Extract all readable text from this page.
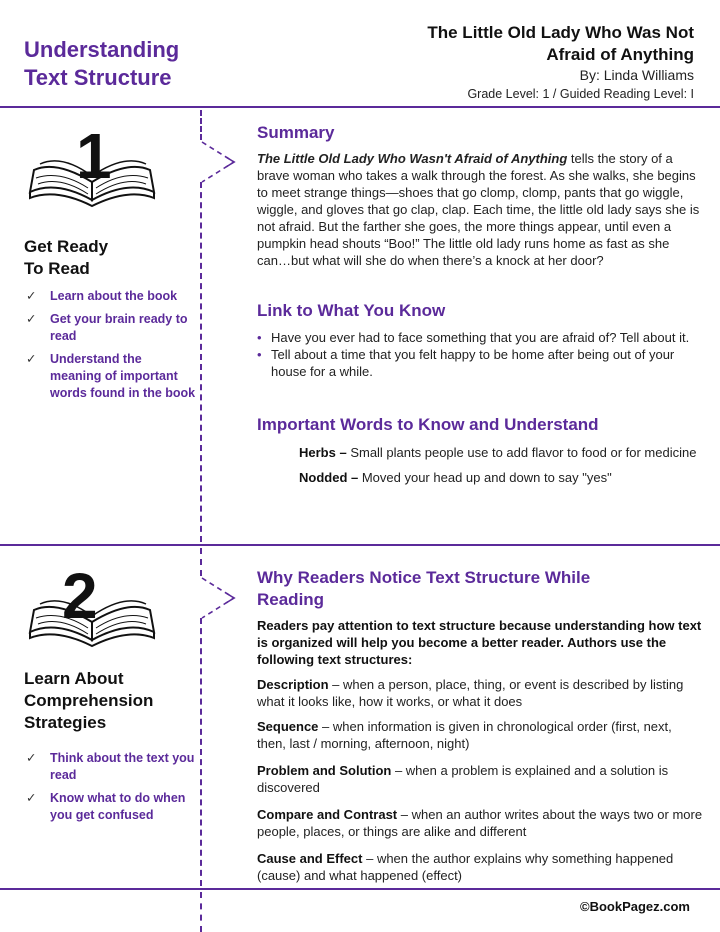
Understanding
Text Structure
The Little Old Lady Who Was Not
Afraid of Anything
By: Linda Williams
Grade Level: 1 / Guided Reading Level: I
1
Get Ready
To Read
✓ Learn about the book
✓ Get your brain ready to read
✓ Understand the meaning of important words found in the book
Summary
The Little Old Lady Who Wasn't Afraid of Anything tells the story of a brave woman who takes a walk through the forest. As she walks, she begins to meet strange things—shoes that go clomp, clomp, pants that go wiggle, wiggle, and gloves that go clap, clap. Each time, the little old lady says she is not afraid. But the farther she goes, the more things appear, until even a pumpkin head shouts “Boo!” The little old lady runs home as fast as she can…but what will she do when there’s a knock at her door?
Link to What You Know
• Have you ever had to face something that you are afraid of? Tell about it.
• Tell about a time that you felt happy to be home after being out of your house for a while.
Important Words to Know and Understand
Herbs – Small plants people use to add flavor to food or for medicine
Nodded – Moved your head up and down to say "yes"
2
Learn About
Comprehension
Strategies
✓ Think about the text you read
✓ Know what to do when you get confused
Why Readers Notice Text Structure While
Reading
Readers pay attention to text structure because understanding how text is organized will help you become a better reader. Authors use the following text structures:
Description – when a person, place, thing, or event is described by listing what it looks like, how it works, or what it does
Sequence – when information is given in chronological order (first, next, then, last / morning, afternoon, night)
Problem and Solution – when a problem is explained and a solution is discovered
Compare and Contrast – when an author writes about the ways two or more people, places, or things are alike and different
Cause and Effect – when the author explains why something happened (cause) and what happened (effect)
©BookPagez.com
